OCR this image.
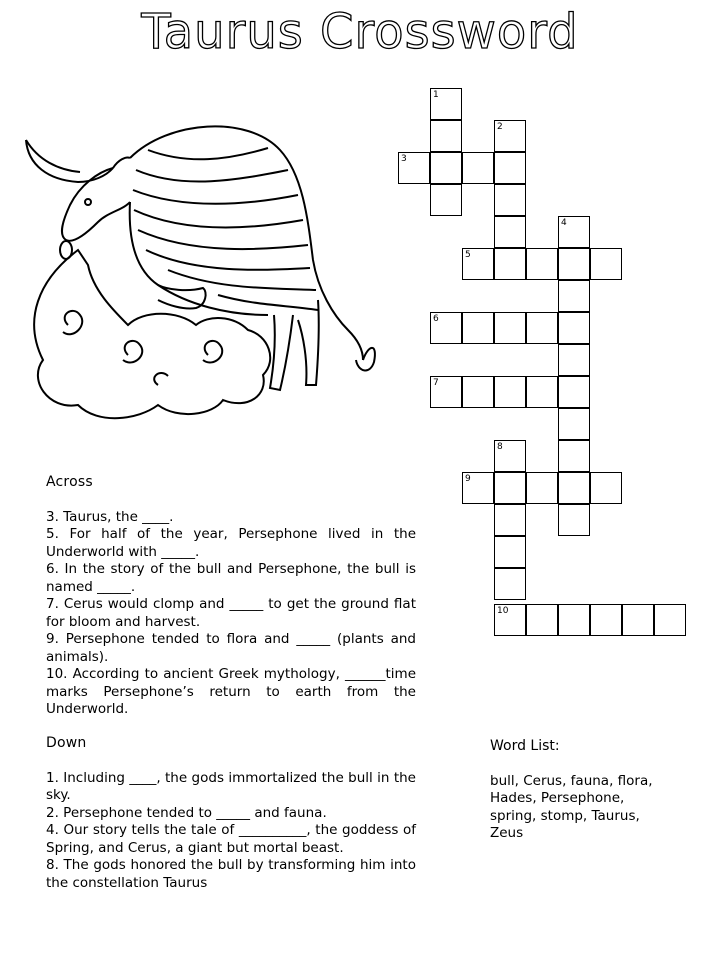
Taurus Crossword
1
2
3
4
5
6
7
8
9
10
Across

3. Taurus, the ____.

5. For half of the year, Persephone lived in the Underworld with _____.

6. In the story of the bull and Persephone, the bull is named _____.

7. Cerus would clomp and _____ to get the ground flat for bloom and harvest.

9. Persephone tended to flora and _____ (plants and animals).

10. According to ancient Greek mythology, ______time marks Persephone’s return to earth from the Underworld.

Down

1. Including ____, the gods immortalized the bull in the sky.

2. Persephone tended to _____ and fauna.

4. Our story tells the tale of __________, the goddess of Spring, and Cerus, a giant but mortal beast.

8. The gods honored the bull by transforming him into the constellation Taurus

Word List:

bull, Cerus, fauna, flora, Hades, Persephone, spring, stomp, Taurus, Zeus
